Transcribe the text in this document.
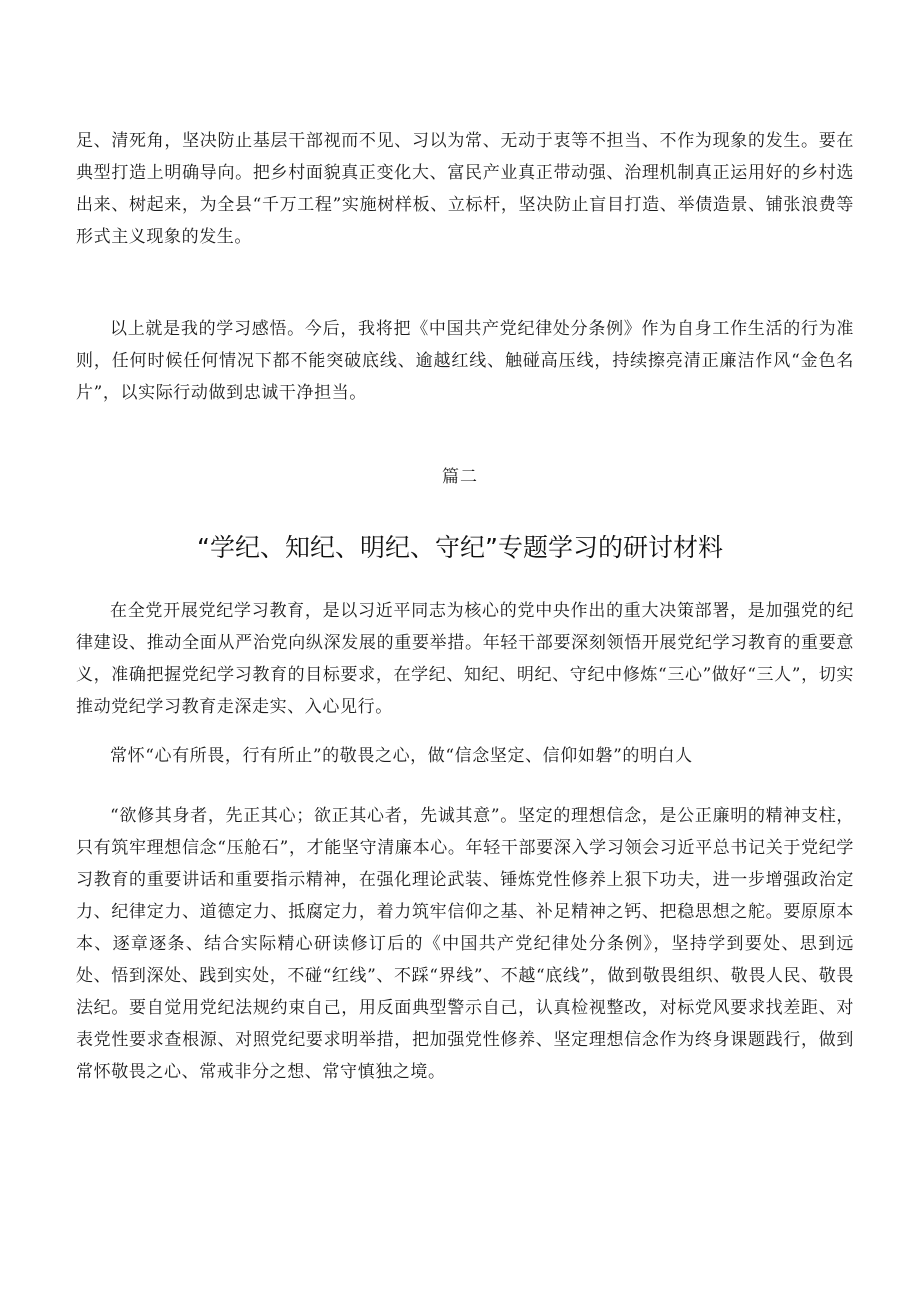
足、清死角，坚决防止基层干部视而不见、习以为常、无动于衷等不担当、不作为现象的发生。要在典型打造上明确导向。把乡村面貌真正变化大、富民产业真正带动强、治理机制真正运用好的乡村选出来、树起来，为全县“千万工程”实施树样板、立标杆，坚决防止盲目打造、举债造景、铺张浪费等形式主义现象的发生。

以上就是我的学习感悟。今后，我将把《中国共产党纪律处分条例》作为自身工作生活的行为准则，任何时候任何情况下都不能突破底线、逾越红线、触碰高压线，持续擦亮清正廉洁作风“金色名片”，以实际行动做到忠诚干净担当。

篇二

“学纪、知纪、明纪、守纪”专题学习的研讨材料

在全党开展党纪学习教育，是以习近平同志为核心的党中央作出的重大决策部署，是加强党的纪律建设、推动全面从严治党向纵深发展的重要举措。年轻干部要深刻领悟开展党纪学习教育的重要意义，准确把握党纪学习教育的目标要求，在学纪、知纪、明纪、守纪中修炼“三心”做好“三人”，切实推动党纪学习教育走深走实、入心见行。

常怀“心有所畏，行有所止”的敬畏之心，做“信念坚定、信仰如磐”的明白人

“欲修其身者，先正其心；欲正其心者，先诚其意”。坚定的理想信念，是公正廉明的精神支柱，只有筑牢理想信念“压舱石”，才能坚守清廉本心。年轻干部要深入学习领会习近平总书记关于党纪学习教育的重要讲话和重要指示精神，在强化理论武装、锤炼党性修养上狠下功夫，进一步增强政治定力、纪律定力、道德定力、抵腐定力，着力筑牢信仰之基、补足精神之钙、把稳思想之舵。要原原本本、逐章逐条、结合实际精心研读修订后的《中国共产党纪律处分条例》，坚持学到要处、思到远处、悟到深处、践到实处，不碰“红线”、不踩“界线”、不越“底线”，做到敬畏组织、敬畏人民、敬畏法纪。要自觉用党纪法规约束自己，用反面典型警示自己，认真检视整改，对标党风要求找差距、对表党性要求查根源、对照党纪要求明举措，把加强党性修养、坚定理想信念作为终身课题践行，做到常怀敬畏之心、常戒非分之想、常守慎独之境。
